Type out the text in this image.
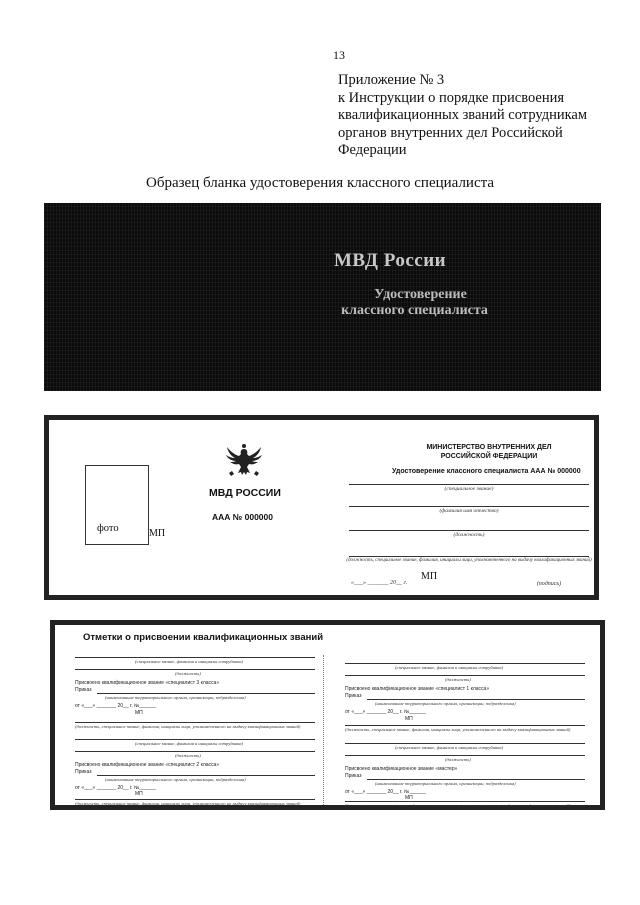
13
Приложение № 3
к Инструкции о порядке присвоения
квалификационных званий сотрудникам
органов внутренних дел Российской
Федерации
Образец бланка удостоверения классного специалиста
МВД России
Удостоверение
классного специалиста
фото	МП
МВД РОССИИ
ААА № 000000
МИНИСТЕРСТВО ВНУТРЕННИХ ДЕЛ
РОССИЙСКОЙ ФЕДЕРАЦИИ
Удостоверение классного специалиста ААА № 000000
(специальное звание)
(фамилия имя отчество)
(должность)
(должность, специальное звание, фамилия, инициалы лица, уполномоченного на выдачу квалификационных званий)
«___» _______ 20__ г.
МП
(подпись)
Отметки о присвоении квалификационных званий
(специальное звание, фамилия и инициалы сотрудника)
(должность)
Присвоено квалификационное звание «специалист 3 класса»
Приказ
(наименование территориального органа, организации, подразделения)
от «___» _______ 20__ г. №______
МП
(должность, специальное звание, фамилия, инициалы лица, уполномоченного на выдачу квалификационных званий)
(специальное звание, фамилия и инициалы сотрудника)
(должность)
Присвоено квалификационное звание «специалист 2 класса»
Приказ
(наименование территориального органа, организации, подразделения)
от «___» _______ 20__ г. №______
МП
(должность, специальное звание, фамилия, инициалы лица, уполномоченного на выдачу квалификационных званий)
(специальное звание, фамилия и инициалы сотрудника)
(должность)
Присвоено квалификационное звание «специалист 1 класса»
Приказ
(наименование территориального органа, организации, подразделения)
от «___» _______ 20__ г. №______
МП
(должность, специальное звание, фамилия, инициалы лица, уполномоченного на выдачу квалификационных званий)
(специальное звание, фамилия и инициалы сотрудника)
(должность)
Присвоено квалификационное звание «мастер»
Приказ
(наименование территориального органа, организации, подразделения)
от «___» _______ 20__ г. №______
МП
(должность, специальное звание, фамилия, инициалы лица, уполномоченного на выдачу квалификационных званий)
